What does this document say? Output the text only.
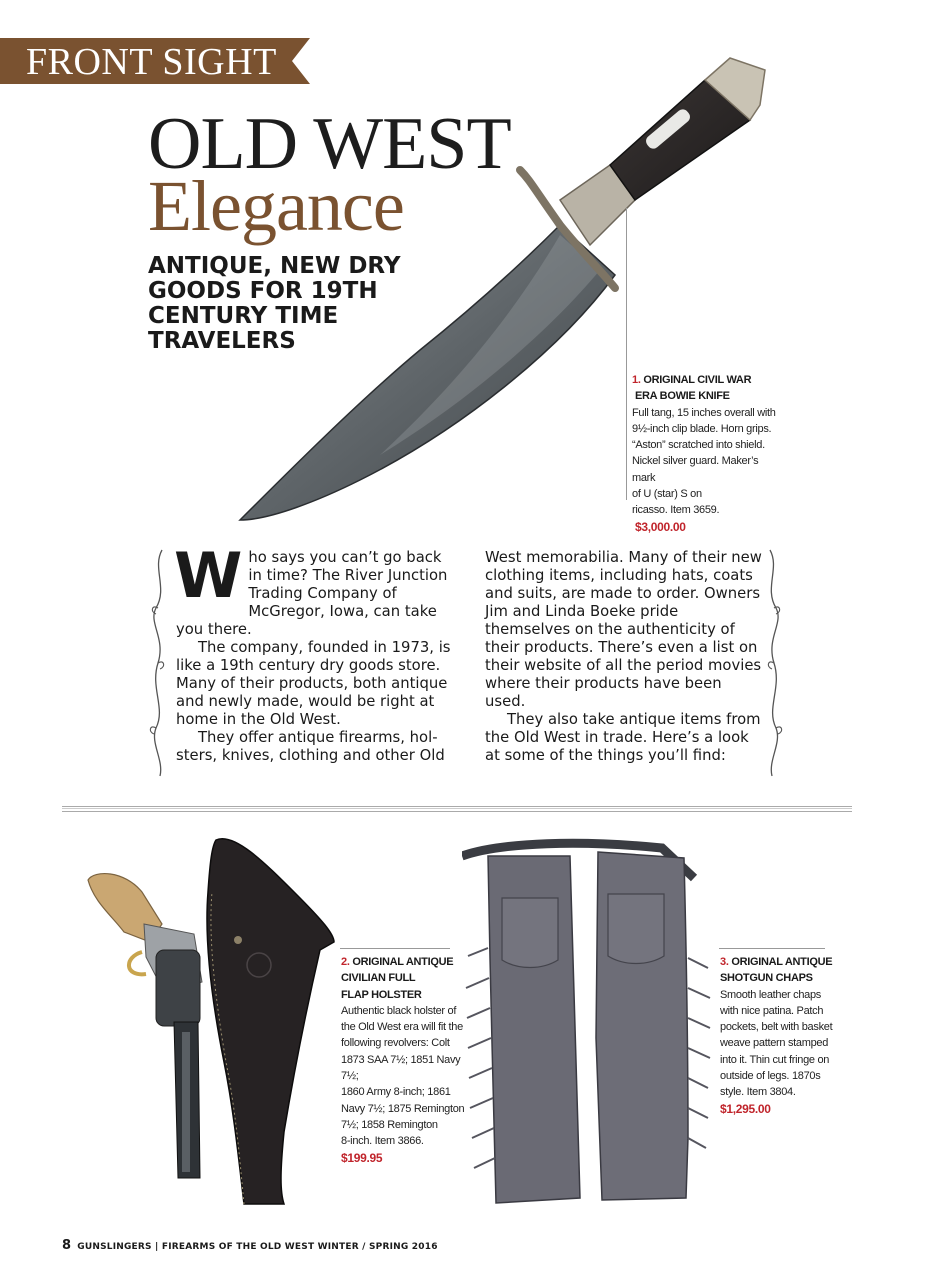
FRONT SIGHT
OLD WEST
Elegance
ANTIQUE, NEW DRY GOODS FOR 19TH CENTURY TIME TRAVELERS
1. ORIGINAL CIVIL WAR
ERA BOWIE KNIFE
Full tang, 15 inches overall with
9½-inch clip blade. Horn grips.
“Aston” scratched into shield.
Nickel silver guard. Maker’s mark
of U (star) S on
ricasso. Item 3659.
$3,000.00

Who says you can’t go back in time? The River Junction Trading Company of McGregor, Iowa, can take you there.

The company, founded in 1973, is like a 19th century dry goods store. Many of their products, both antique and newly made, would be right at home in the Old West.

They offer antique firearms, holsters, knives, clothing and other Old

West memorabilia. Many of their new clothing items, including hats, coats and suits, are made to order. Owners Jim and Linda Boeke pride themselves on the authenticity of their products. There’s even a list on their website of all the period movies where their products have been used.

They also take antique items from the Old West in trade. Here’s a look at some of the things you’ll find:

2. ORIGINAL ANTIQUE
CIVILIAN FULL
FLAP HOLSTER
Authentic black holster of
the Old West era will fit the
following revolvers: Colt
1873 SAA 7½; 1851 Navy 7½;
1860 Army 8-inch; 1861
Navy 7½; 1875 Remington
7½; 1858 Remington
8-inch. Item 3866.
$199.95
3. ORIGINAL ANTIQUE
SHOTGUN CHAPS
Smooth leather chaps
with nice patina. Patch
pockets, belt with basket
weave pattern stamped
into it. Thin cut fringe on
outside of legs. 1870s
style. Item 3804.
$1,295.00
8 GUNSLINGERS | FIREARMS OF THE OLD WEST WINTER / SPRING 2016
